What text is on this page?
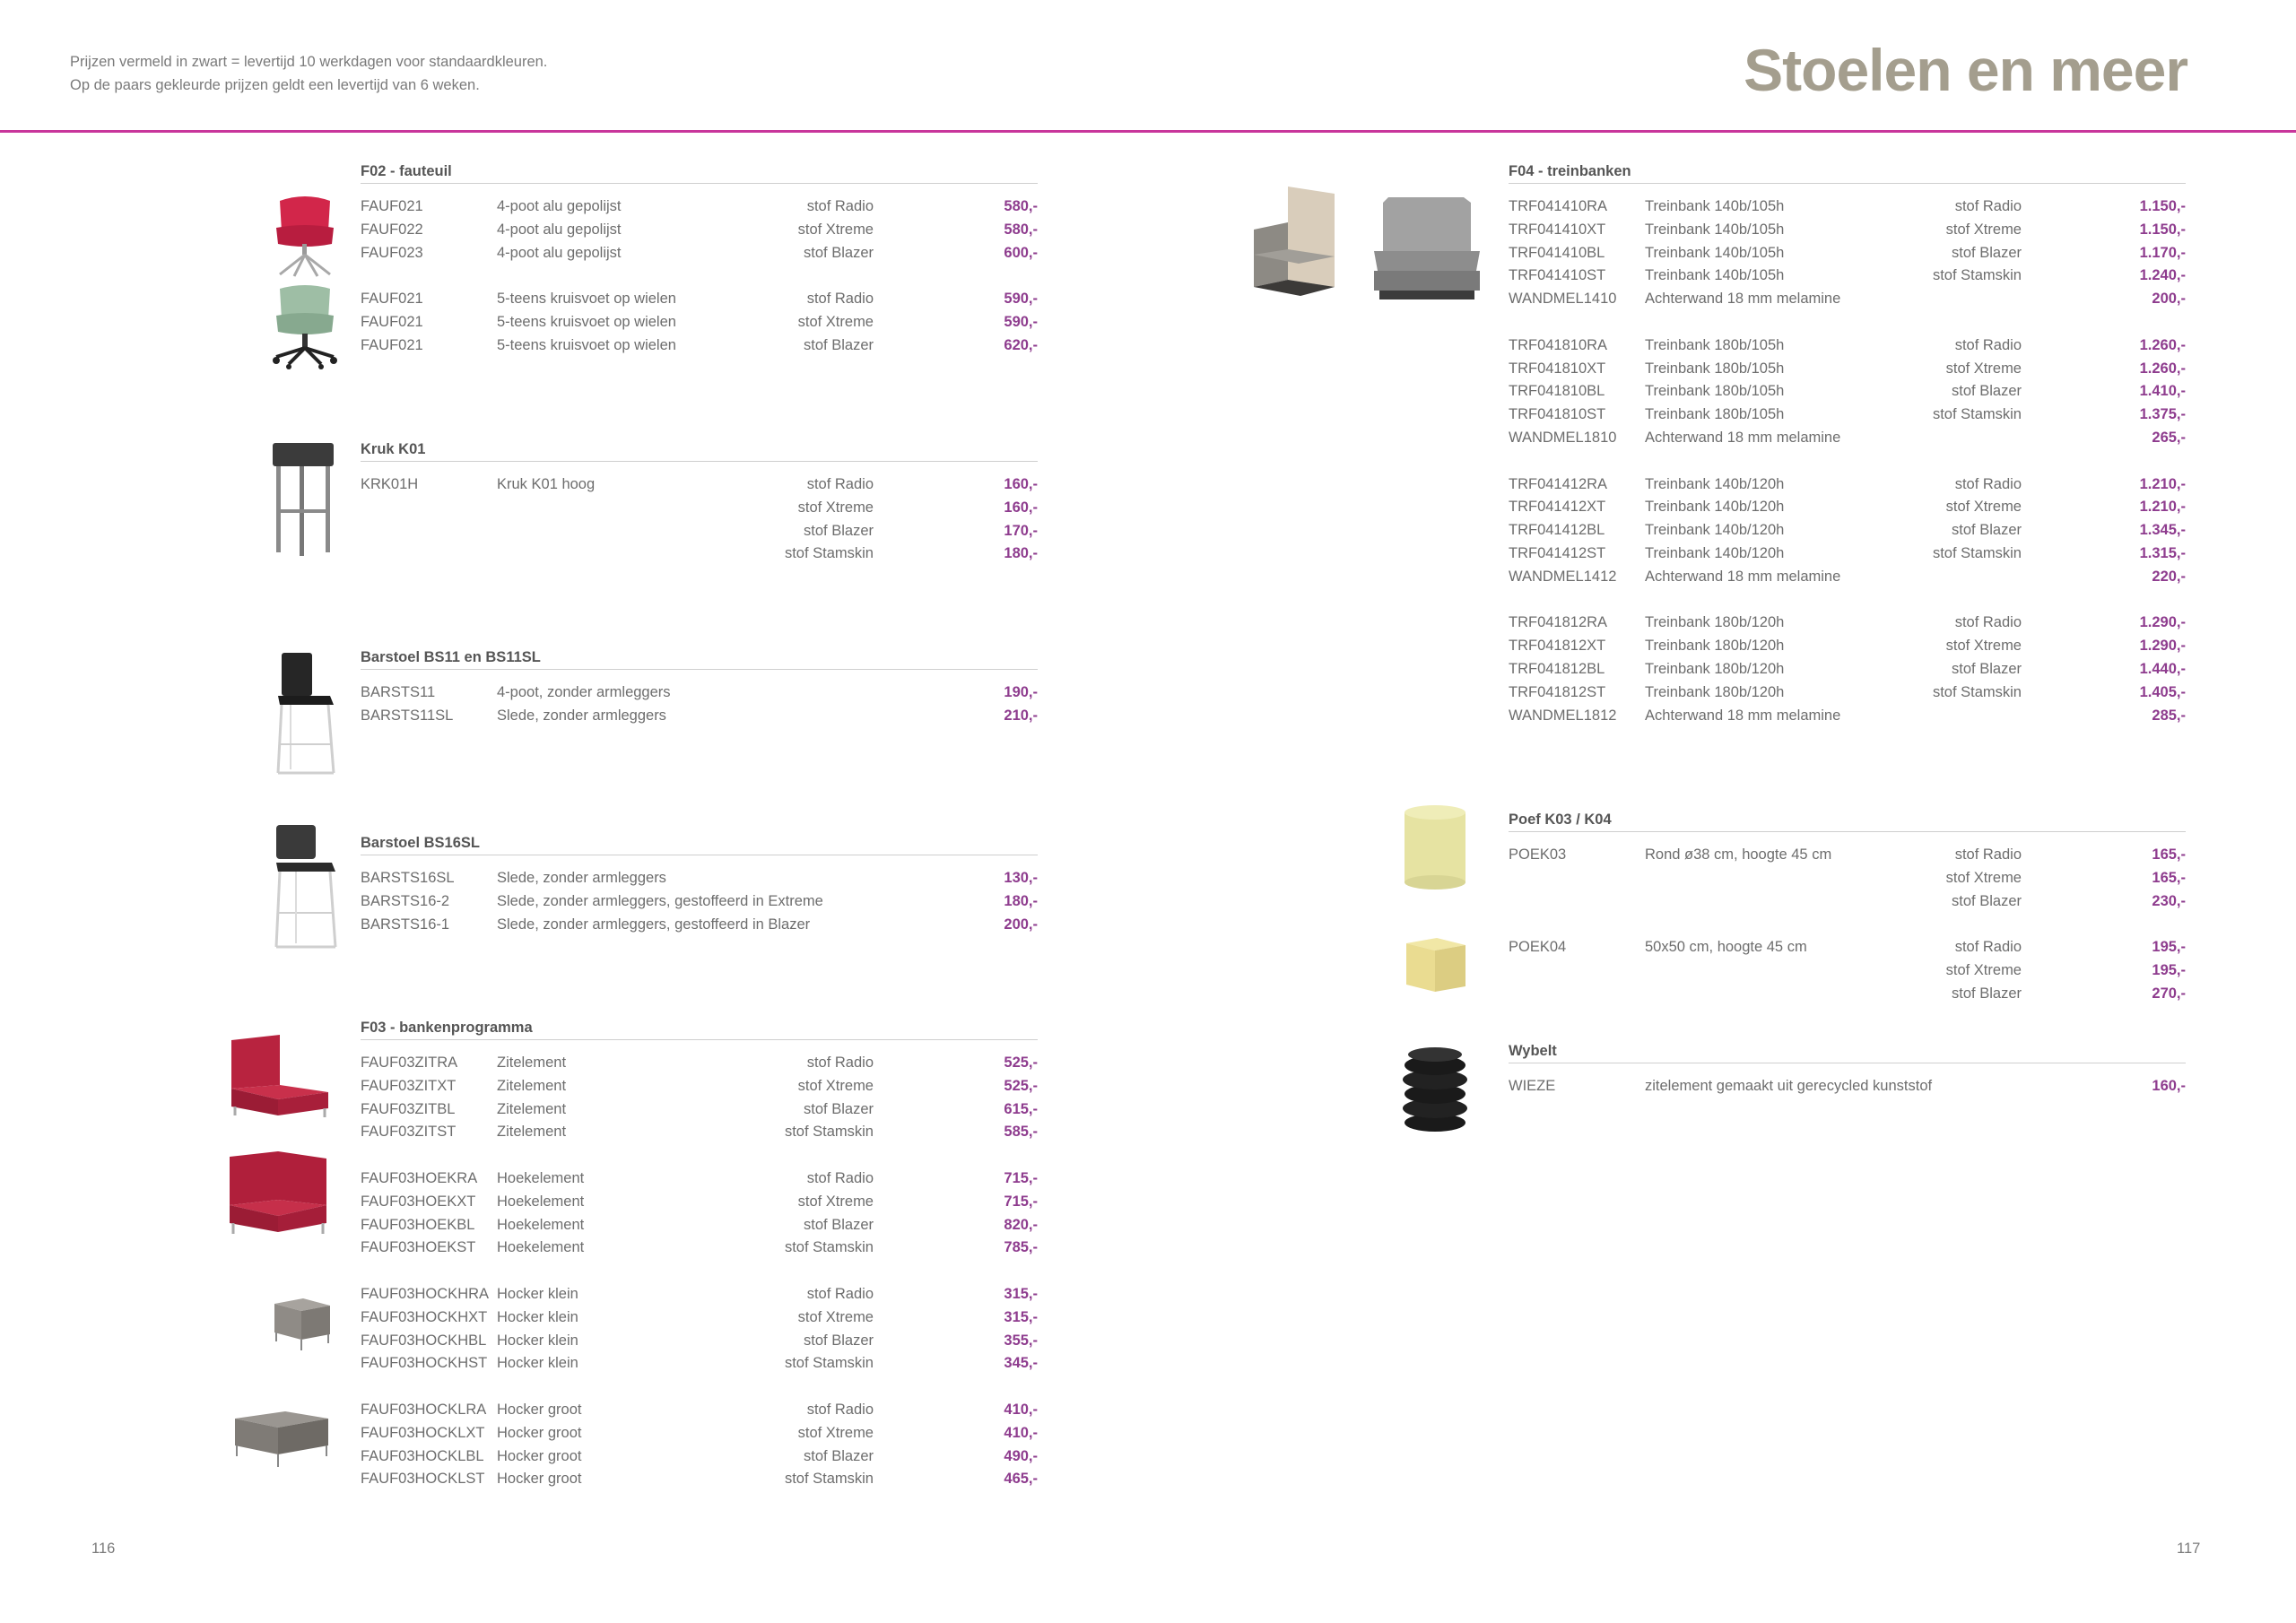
Prijzen vermeld in zwart = levertijd 10 werkdagen voor standaardkleuren.
Op de paars gekleurde prijzen geldt een levertijd van 6 weken.	Stoelen en meer
F02 - fauteuil
FAUF021	4-poot alu gepolijst	stof Radio	580,-
FAUF022	4-poot alu gepolijst	stof Xtreme	580,-
FAUF023	4-poot alu gepolijst	stof Blazer	600,-
FAUF021	5-teens kruisvoet op wielen	stof Radio	590,-
FAUF021	5-teens kruisvoet op wielen	stof Xtreme	590,-
FAUF021	5-teens kruisvoet op wielen	stof Blazer	620,-
Kruk K01
KRK01H	Kruk K01 hoog	stof Radio	160,-
stof Xtreme	160,-
stof Blazer	170,-
stof Stamskin	180,-
Barstoel BS11 en BS11SL
BARSTS11	4-poot, zonder armleggers	190,-
BARSTS11SL	Slede, zonder armleggers	210,-
Barstoel BS16SL
BARSTS16SL	Slede, zonder armleggers	130,-
BARSTS16-2	Slede, zonder armleggers, gestoffeerd in Extreme	180,-
BARSTS16-1	Slede, zonder armleggers, gestoffeerd in Blazer	200,-
F03 - bankenprogramma
FAUF03ZITRA	Zitelement	stof Radio	525,-
FAUF03ZITXT	Zitelement	stof Xtreme	525,-
FAUF03ZITBL	Zitelement	stof Blazer	615,-
FAUF03ZITST	Zitelement	stof Stamskin	585,-
FAUF03HOEKRA Hoekelement	stof Radio	715,-
FAUF03HOEKXT Hoekelement	stof Xtreme	715,-
FAUF03HOEKBL Hoekelement	stof Blazer	820,-
FAUF03HOEKST Hoekelement	stof Stamskin	785,-
FAUF03HOCKHRA Hocker klein	stof Radio	315,-
FAUF03HOCKHXT Hocker klein	stof Xtreme	315,-
FAUF03HOCKHBL Hocker klein	stof Blazer	355,-
FAUF03HOCKHST Hocker klein	stof Stamskin	345,-
FAUF03HOCKLRA Hocker groot	stof Radio	410,-
FAUF03HOCKLXT Hocker groot	stof Xtreme	410,-
FAUF03HOCKLBL Hocker groot	stof Blazer	490,-
FAUF03HOCKLST Hocker groot	stof Stamskin	465,-
F04 - treinbanken
TRF041410RA	Treinbank 140b/105h	stof Radio	1.150,-
TRF041410XT	Treinbank 140b/105h	stof Xtreme	1.150,-
TRF041410BL	Treinbank 140b/105h	stof Blazer	1.170,-
TRF041410ST	Treinbank 140b/105h	stof Stamskin	1.240,-
WANDMEL1410 Achterwand 18 mm melamine	200,-
TRF041810RA	Treinbank 180b/105h	stof Radio	1.260,-
TRF041810XT	Treinbank 180b/105h	stof Xtreme	1.260,-
TRF041810BL	Treinbank 180b/105h	stof Blazer	1.410,-
TRF041810ST	Treinbank 180b/105h	stof Stamskin	1.375,-
WANDMEL1810 Achterwand 18 mm melamine	265,-
TRF041412RA	Treinbank 140b/120h	stof Radio	1.210,-
TRF041412XT	Treinbank 140b/120h	stof Xtreme	1.210,-
TRF041412BL	Treinbank 140b/120h	stof Blazer	1.345,-
TRF041412ST	Treinbank 140b/120h	stof Stamskin	1.315,-
WANDMEL1412 Achterwand 18 mm melamine	220,-
TRF041812RA	Treinbank 180b/120h	stof Radio	1.290,-
TRF041812XT	Treinbank 180b/120h	stof Xtreme	1.290,-
TRF041812BL	Treinbank 180b/120h	stof Blazer	1.440,-
TRF041812ST	Treinbank 180b/120h	stof Stamskin	1.405,-
WANDMEL1812 Achterwand 18 mm melamine	285,-
Poef K03 / K04
POEK03	Rond ø38 cm, hoogte 45 cm	stof Radio	165,-
stof Xtreme	165,-
stof Blazer	230,-
POEK04	50x50 cm, hoogte 45 cm	stof Radio	195,-
stof Xtreme	195,-
stof Blazer	270,-
Wybelt
WIEZE	zitelement gemaakt uit gerecycled kunststof	160,-
116	117
